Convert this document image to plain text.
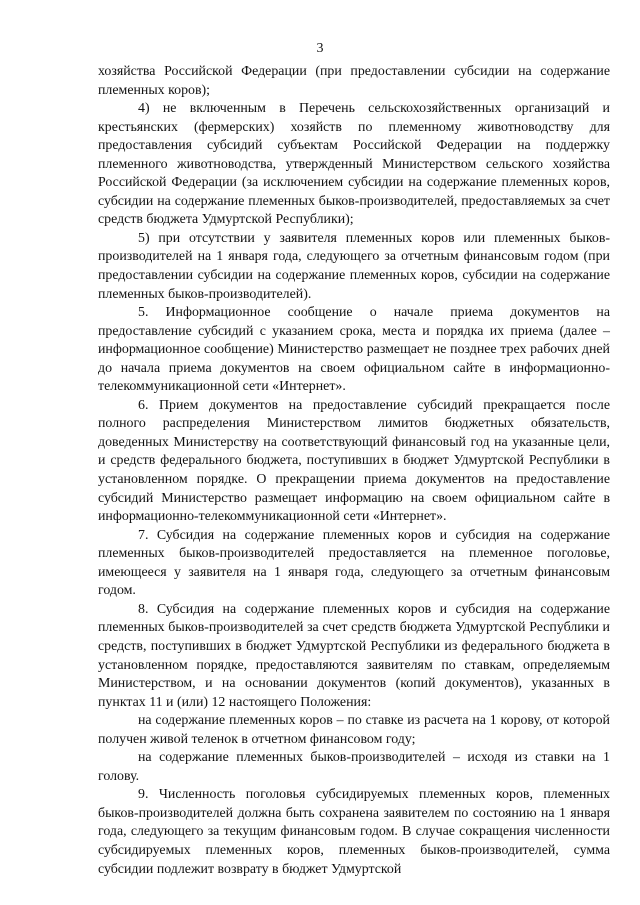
3

хозяйства Российской Федерации (при предоставлении субсидии на содержание племенных коров);

4) не включенным в Перечень сельскохозяйственных организаций и крестьянских (фермерских) хозяйств по племенному животноводству для предоставления субсидий субъектам Российской Федерации на поддержку племенного животноводства, утвержденный Министерством сельского хозяйства Российской Федерации (за исключением субсидии на содержание племенных коров, субсидии на содержание племенных быков-производителей, предоставляемых за счет средств бюджета Удмуртской Республики);

5) при отсутствии у заявителя племенных коров или племенных быков-производителей на 1 января года, следующего за отчетным финансовым годом (при предоставлении субсидии на содержание племенных коров, субсидии на содержание племенных быков-производителей).

5. Информационное сообщение о начале приема документов на предоставление субсидий с указанием срока, места и порядка их приема (далее – информационное сообщение) Министерство размещает не позднее трех рабочих дней до начала приема документов на своем официальном сайте в информационно-телекоммуникационной сети «Интернет».

6. Прием документов на предоставление субсидий прекращается после полного распределения Министерством лимитов бюджетных обязательств, доведенных Министерству на соответствующий финансовый год на указанные цели, и средств федерального бюджета, поступивших в бюджет Удмуртской Республики в установленном порядке. О прекращении приема документов на предоставление субсидий Министерство размещает информацию на своем официальном сайте в информационно-телекоммуникационной сети «Интернет».

7. Субсидия на содержание племенных коров и субсидия на содержание племенных быков-производителей предоставляется на племенное поголовье, имеющееся у заявителя на 1 января года, следующего за отчетным финансовым годом.

8. Субсидия на содержание племенных коров и субсидия на содержание племенных быков-производителей за счет средств бюджета Удмуртской Республики и средств, поступивших в бюджет Удмуртской Республики из федерального бюджета в установленном порядке, предоставляются заявителям по ставкам, определяемым Министерством, и на основании документов (копий документов), указанных в пунктах 11 и (или) 12 настоящего Положения:

на содержание племенных коров – по ставке из расчета на 1 корову, от которой получен живой теленок в отчетном финансовом году;

на содержание племенных быков-производителей – исходя из ставки на 1 голову.

9. Численность поголовья субсидируемых племенных коров, племенных быков-производителей должна быть сохранена заявителем по состоянию на 1 января года, следующего за текущим финансовым годом. В случае сокращения численности субсидируемых племенных коров, племенных быков-производителей, сумма субсидии подлежит возврату в бюджет Удмуртской
